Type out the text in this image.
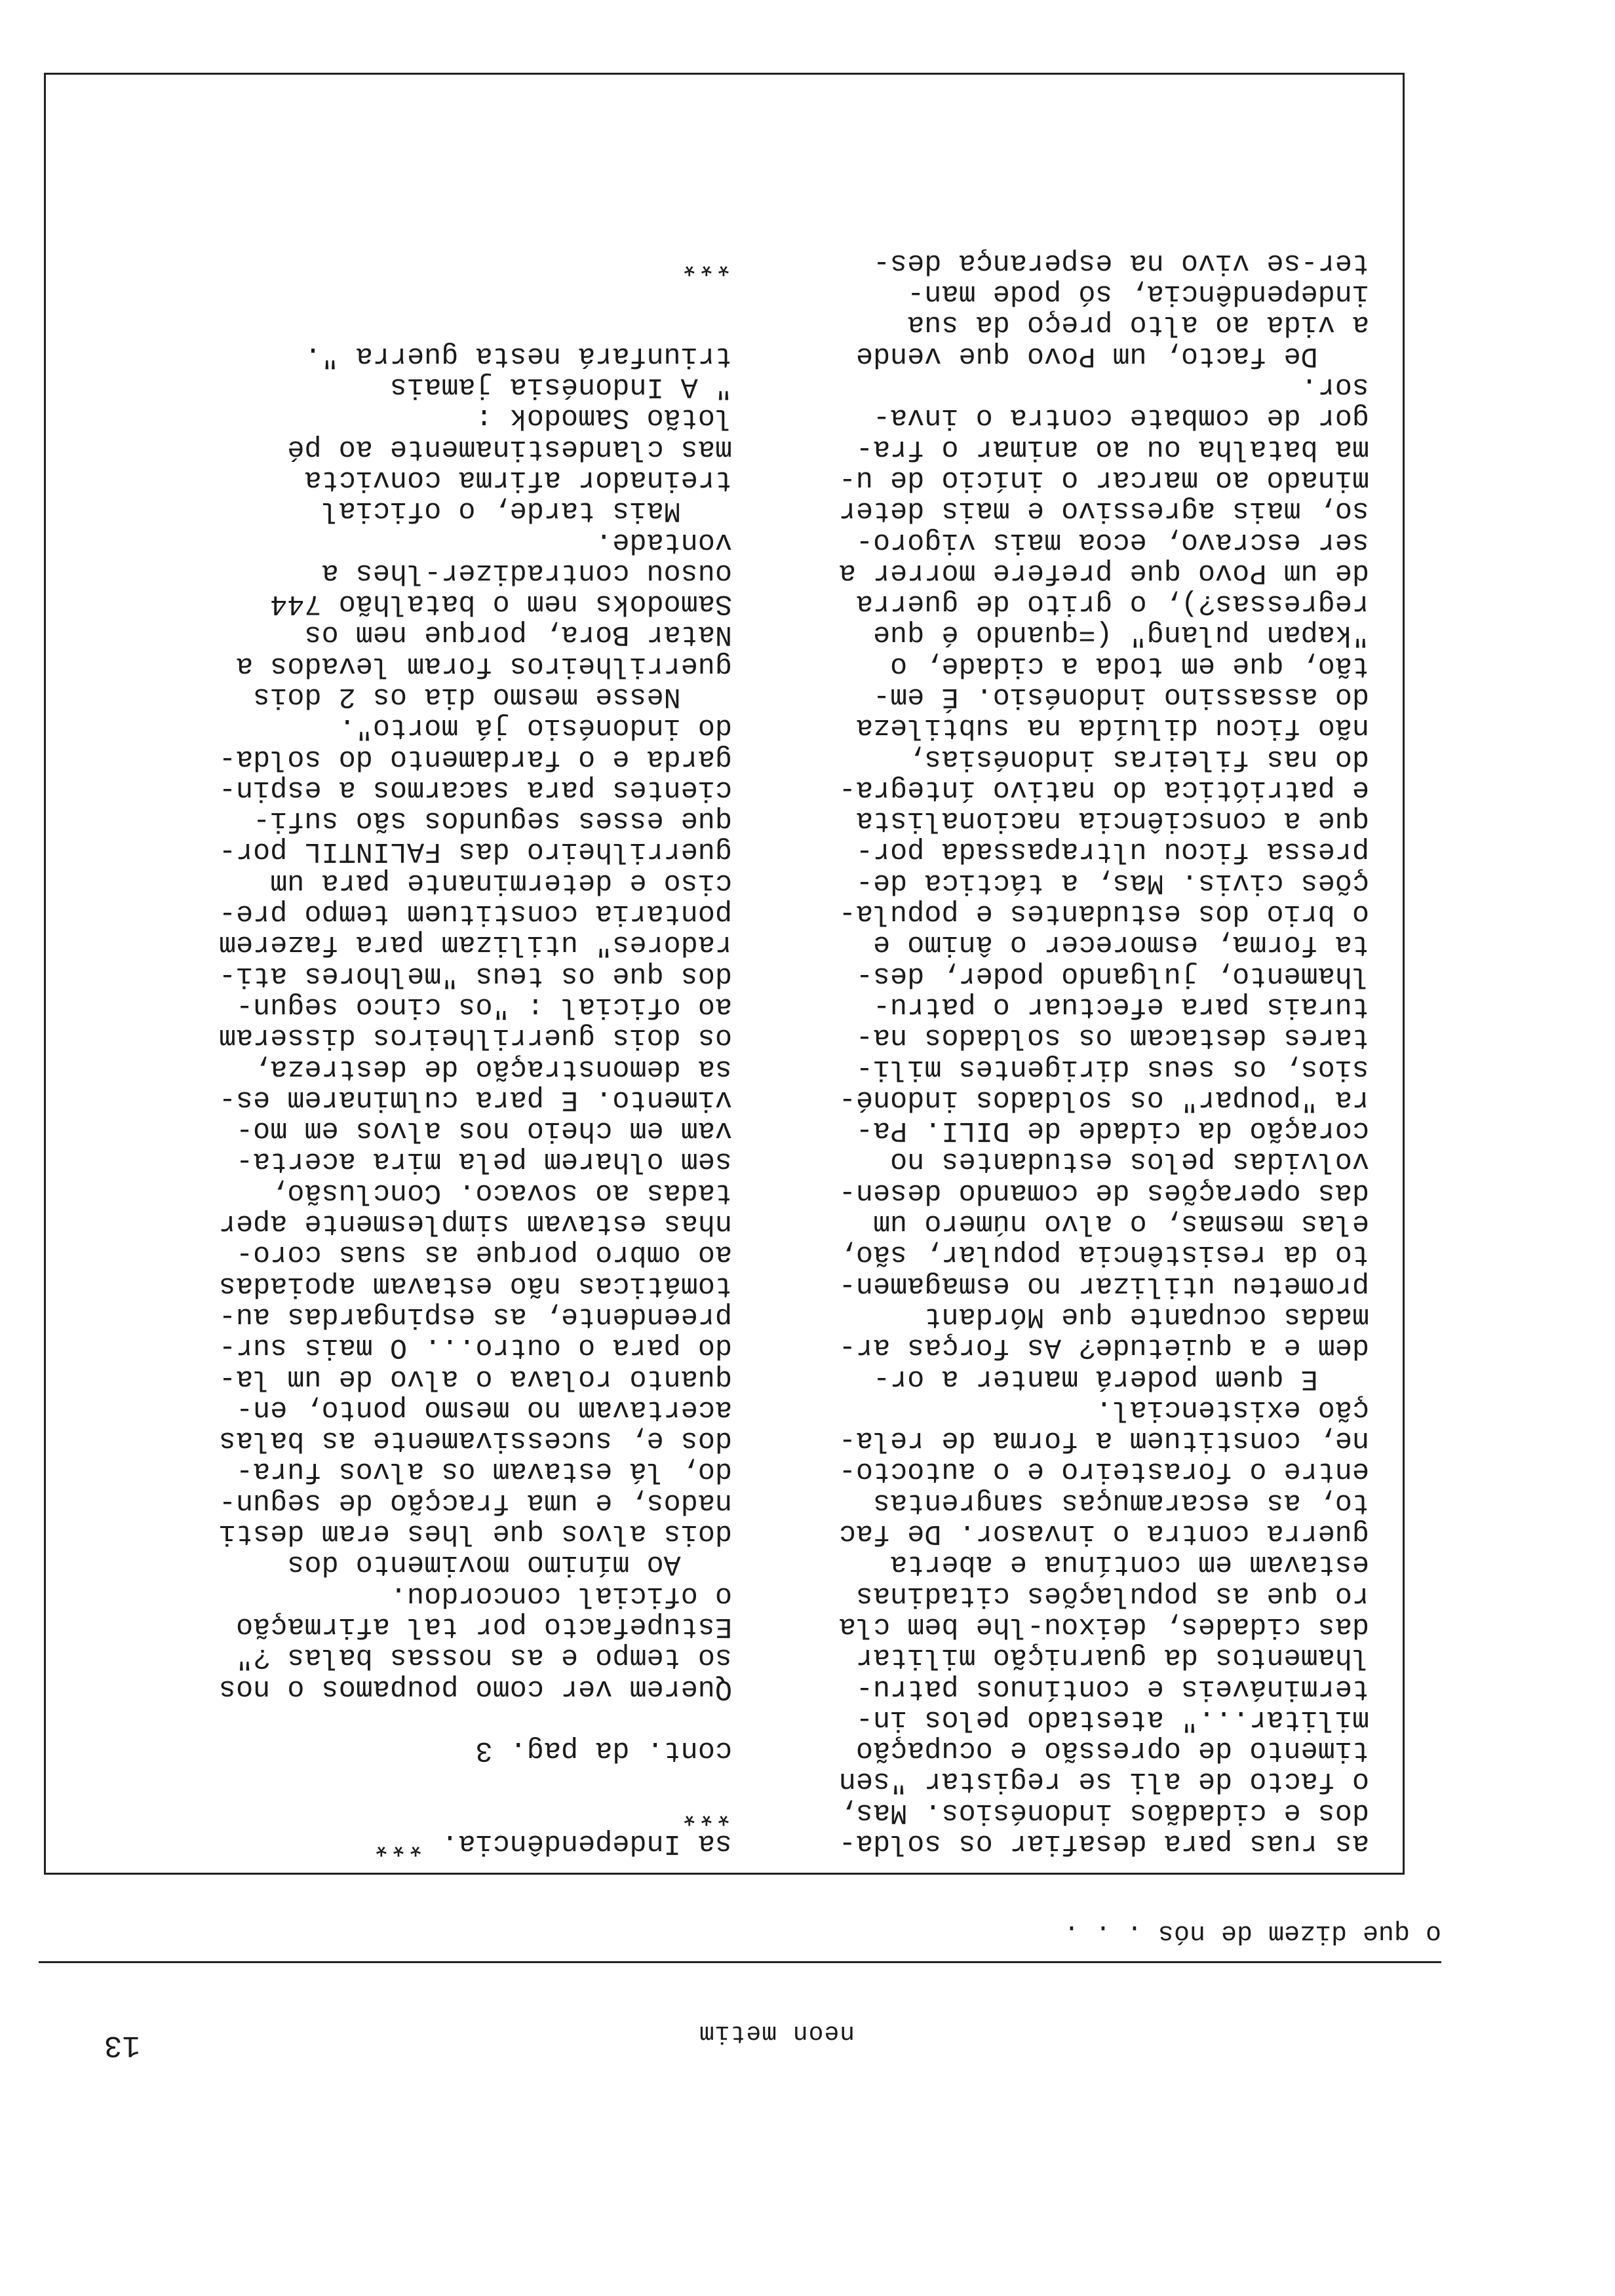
13	neon metim
o que dizem de nós . . .
as ruas para desafiar os solda-
dos e cidadãos indonésios. Mas,
o facto de ali se registar "sen
timento de opressão e ocupação
militar..." atestado pelos in-
termináveis e contínuos patru-
lhamentos da guarnição militar
das cidades, deixou-lhe bem cla
ro que as populações citadinas
estavam em contínua e aberta
guerra contra o invasor. De fac
to, as escaramuças sangrentas
entre o forasteiro e o autocto-
ne, constituem a forma de rela-
ção existencial.
E quem poderá manter a or-
dem e a quietude? As forças ar-
madas ocupante que Mórdant
prometeu utilizar no esmagamen-
to da resistência popular, são,
elas mesmas, o alvo número um
das operações de comando desen-
volvidas pelos estudantes no
coração da cidade de DILI. Pa-
ra "poupar" os soldados indoné-
sios, os seus dirigentes mili-
tares destacam os soldados na-
turais para efectuar o patru-
lhamento, julgando poder, des-
ta forma, esmorecer o ânimo e
o brio dos estudantes e popula-
ções civis. Mas, a táctica de-
pressa ficou ultrapassada por-
que a consciência nacionalista
e patriótica do nativo íntegra-
do nas fileiras indonésias,
não ficou diluída na subtileza
do assassino indonésio. É em-
tão, que em toda a cidade, o
"kapan pulang" (=quando é que
regressas?), o grito de guerra
de um Povo que prefere morrer a
ser escravo, ecoa mais vigoro-
so, mais agressivo e mais deter
minado ao marcar o início de u-
ma batalha ou ao animar o fra-
gor de combate contra o inva-
sor.
De facto, um Povo que vende
a vida ao alto preço da sua
independência, só pode man-
ter-se vivo na esperança des-
sa Independência. ***
***
cont. da pag. 3
Querem ver como poupamos o nos
so tempo e as nossas balas ?"
Estupefacto por tal afirmação
o oficial concordou.
Ao mínimo movimento dos
dois alvos que lhes eram desti
nados, e uma fracção de segun-
do, lá estavam os alvos fura-
dos e, sucessivamente as balas
acertavam no mesmo ponto, en-
quanto rolava o alvo de um la-
do para o outro... O mais sur-
preendente, as espingardas au-
tomáticas não estavam apoiadas
ao ombro porque as suas coro-
nhas estavam simplesmente aper
tadas ao sovaco. Conclusão,
sem olharem pela mira acerta-
vam em cheio nos alvos em mo-
vimento. E para culminarem es-
sa demonstração de destreza,
os dois guerrilheiros disseram
ao oficial : "os cinco segun-
dos que os teus "melhores ati-
radores" utilizam para fazerem
pontaria constituem tempo pre-
ciso e determinante para um
guerrilheiro das FALINTIL por-
que esses segundos são sufi-
cientes para sacarmos a espin-
garda e o fardamento do solda-
do indonésio já morto".
Nesse mesmo dia os 2 dois
guerrilheiros foram levados a
Natar Bora, porque nem os
Samodoks nem o batalhão 744
ousou contradizer-lhes a
vontade.
Mais tarde, o oficial
treinador afirma convicta
mas clandestinamente ao pé
lotão Samodok :
" A Indonésia jamais
triunfará nesta guerra ".
***
